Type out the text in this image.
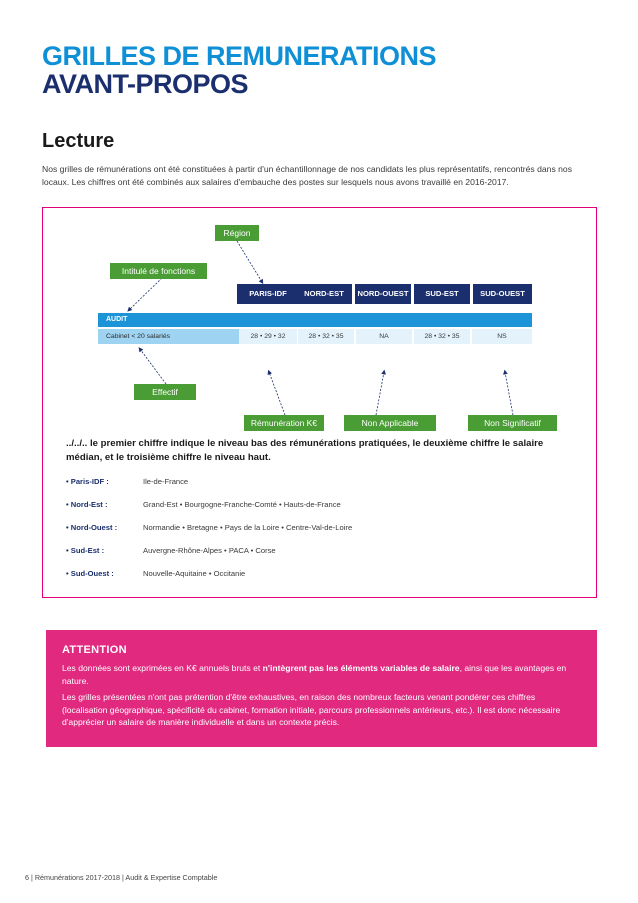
GRILLES DE REMUNERATIONS
AVANT-PROPOS
Lecture

Nos grilles de rémunérations ont été constituées à partir d'un échantillonnage de nos candidats les plus représentatifs, rencontrés dans nos locaux. Les chiffres ont été combinés aux salaires d'embauche des postes sur lesquels nous avons travaillé en 2016-2017.

Région
Intitulé de fonctions
Effectif
Rémunération K€	Non Applicable	Non Significatif
PARIS-IDF	NORD-EST	NORD-OUEST	SUD-EST	SUD-OUEST
AUDIT
Cabinet < 20 salariés	28 • 29 • 32	28 • 32 • 35	NA	28 • 32 • 35	NS

../../.. le premier chiffre indique le niveau bas des rémunérations pratiquées, le deuxième chiffre le salaire médian, et le troisième chiffre le niveau haut.

• Paris-IDF :	Ile-de-France
• Nord-Est :	Grand-Est • Bourgogne-Franche-Comté • Hauts-de-France
• Nord-Ouest :	Normandie • Bretagne • Pays de la Loire • Centre-Val-de-Loire
• Sud-Est :	Auvergne-Rhône-Alpes • PACA • Corse
• Sud-Ouest :	Nouvelle-Aquitaine • Occitanie
ATTENTION

Les données sont exprimées en K€ annuels bruts et n'intègrent pas les éléments variables de salaire, ainsi que les avantages en nature.

Les grilles présentées n'ont pas prétention d'être exhaustives, en raison des nombreux facteurs venant pondérer ces chiffres (localisation géographique, spécificité du cabinet, formation initiale, parcours professionnels antérieurs, etc.). Il est donc nécessaire d'apprécier un salaire de manière individuelle et dans un contexte précis.

6 | Rémunérations 2017-2018 | Audit & Expertise Comptable
